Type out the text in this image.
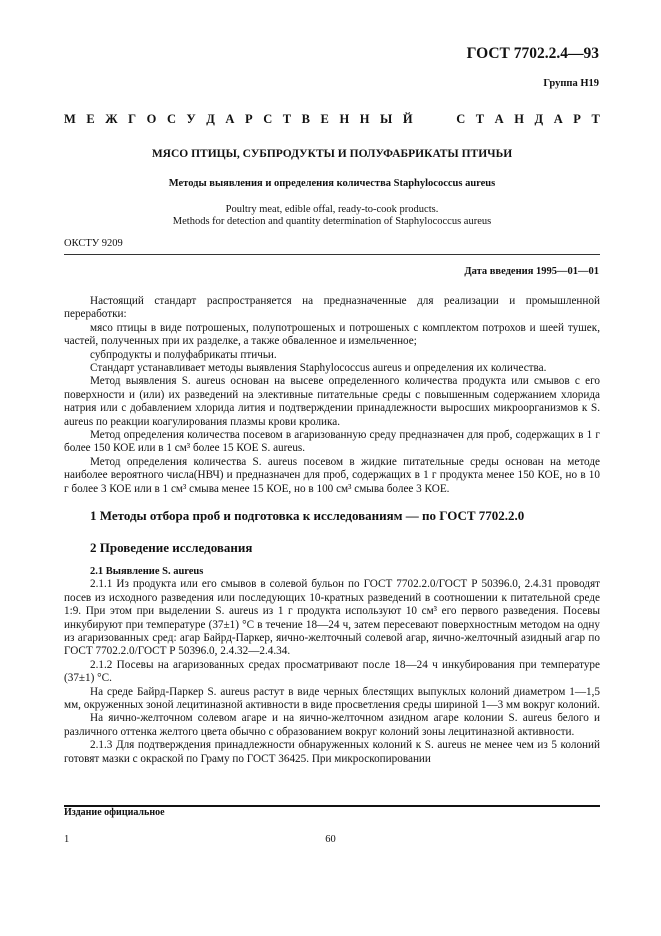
ГОСТ 7702.2.4—93
Группа Н19
М Е Ж Г О С У Д А Р С Т В Е Н Н Ы Й	С Т А Н Д А Р Т
МЯСО ПТИЦЫ, СУБПРОДУКТЫ И ПОЛУФАБРИКАТЫ ПТИЧЬИ
Методы выявления и определения количества Staphylococcus aureus
Poultry meat, edible offal, ready-to-cook products.
Methods for detection and quantity determination of Staphylococcus aureus
ОКСТУ 9209
Дата введения 1995—01—01

Настоящий стандарт распространяется на предназначенные для реализации и промышленной переработки:

мясо птицы в виде потрошеных, полупотрошеных и потрошеных с комплектом потрохов и шеей тушек, частей, полученных при их разделке, а также обваленное и измельченное;

субпродукты и полуфабрикаты птичьи.

Стандарт устанавливает методы выявления Staphylococcus aureus и определения их количества.

Метод выявления S. aureus основан на высеве определенного количества продукта или смывов с его поверхности и (или) их разведений на элективные питательные среды с повышенным содержанием хлорида натрия или с добавлением хлорида лития и подтверждении принадлежности выросших микроорганизмов к S. aureus по реакции коагулирования плазмы крови кролика.

Метод определения количества посевом в агаризованную среду предназначен для проб, содержащих в 1 г более 150 КОЕ или в 1 см³ более 15 КОЕ S. aureus.

Метод определения количества S. aureus посевом в жидкие питательные среды основан на методе наиболее вероятного числа(НВЧ) и предназначен для проб, содержащих в 1 г продукта менее 150 КОЕ, но в 10 г более 3 КОЕ или в 1 см³ смыва менее 15 КОЕ, но в 100 см³ смыва более 3 КОЕ.

1 Методы отбора проб и подготовка к исследованиям — по ГОСТ 7702.2.0
2 Проведение исследования

2.1 Выявление S. aureus

2.1.1 Из продукта или его смывов в солевой бульон по ГОСТ 7702.2.0/ГОСТ Р 50396.0, 2.4.31 проводят посев из исходного разведения или последующих 10-кратных разведений в соотношении к питательной среде 1:9. При этом при выделении S. aureus из 1 г продукта используют 10 см³ его первого разведения. Посевы инкубируют при температуре (37±1) °С в течение 18—24 ч, затем пересевают поверхностным методом на одну из агаризованных сред: агар Байрд-Паркер, яично-желточный солевой агар, яично-желточный азидный агар по ГОСТ 7702.2.0/ГОСТ Р 50396.0, 2.4.32—2.4.34.

2.1.2 Посевы на агаризованных средах просматривают после 18—24 ч инкубирования при температуре (37±1) °С.

На среде Байрд-Паркер S. aureus растут в виде черных блестящих выпуклых колоний диаметром 1—1,5 мм, окруженных зоной лецитиназной активности в виде просветления среды шириной 1—3 мм вокруг колоний.

На яично-желточном солевом агаре и на яично-желточном азидном агаре колонии S. aureus белого и различного оттенка желтого цвета обычно с образованием вокруг колоний зоны лецитиназной активности.

2.1.3 Для подтверждения принадлежности обнаруженных колоний к S. aureus не менее чем из 5 колоний готовят мазки с окраской по Граму по ГОСТ 36425. При микроскопировании

Издание официальное
1	60
